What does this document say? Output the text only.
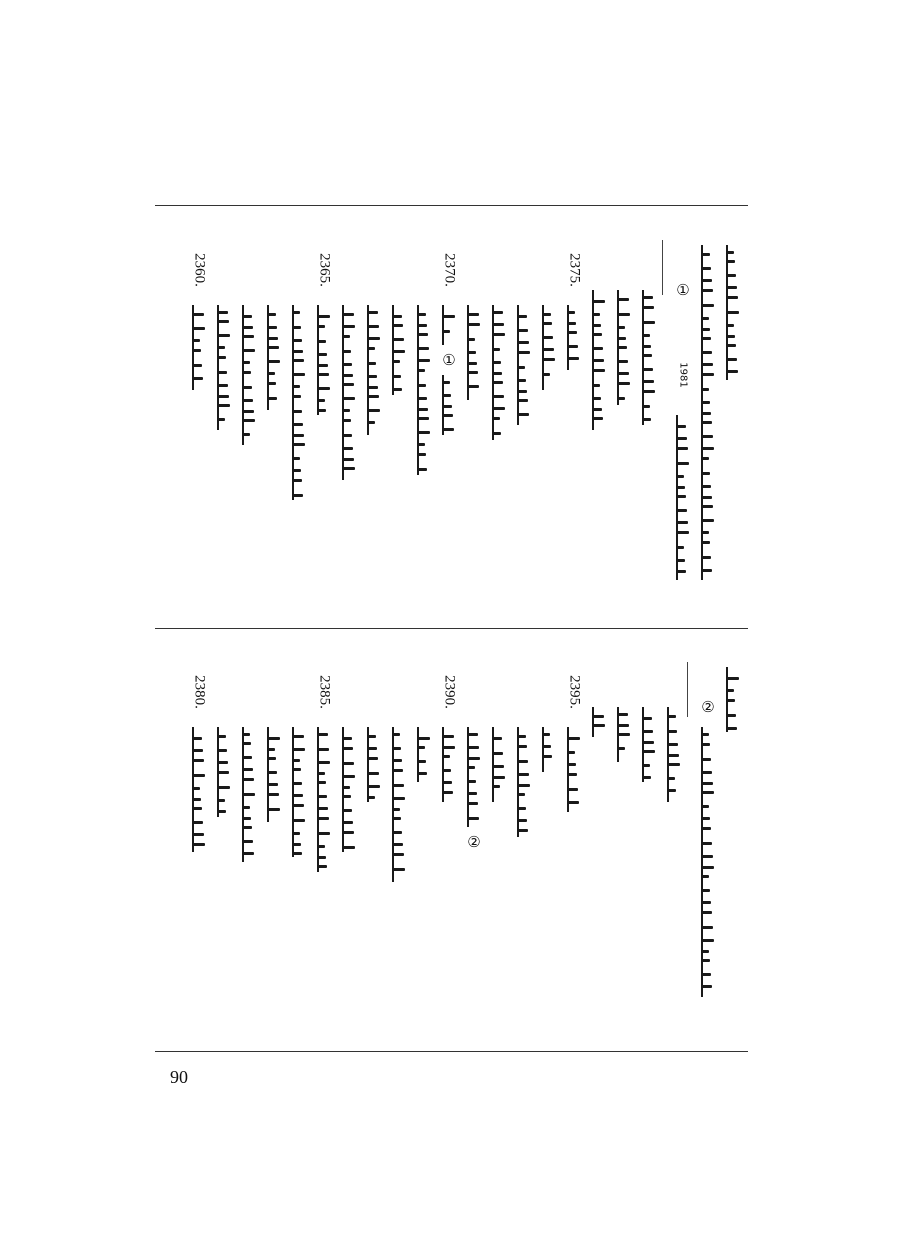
①
1981
2375.
2370.
①
2365.
2360.
②
2395.
②
2390.
2385.
2380.
90
